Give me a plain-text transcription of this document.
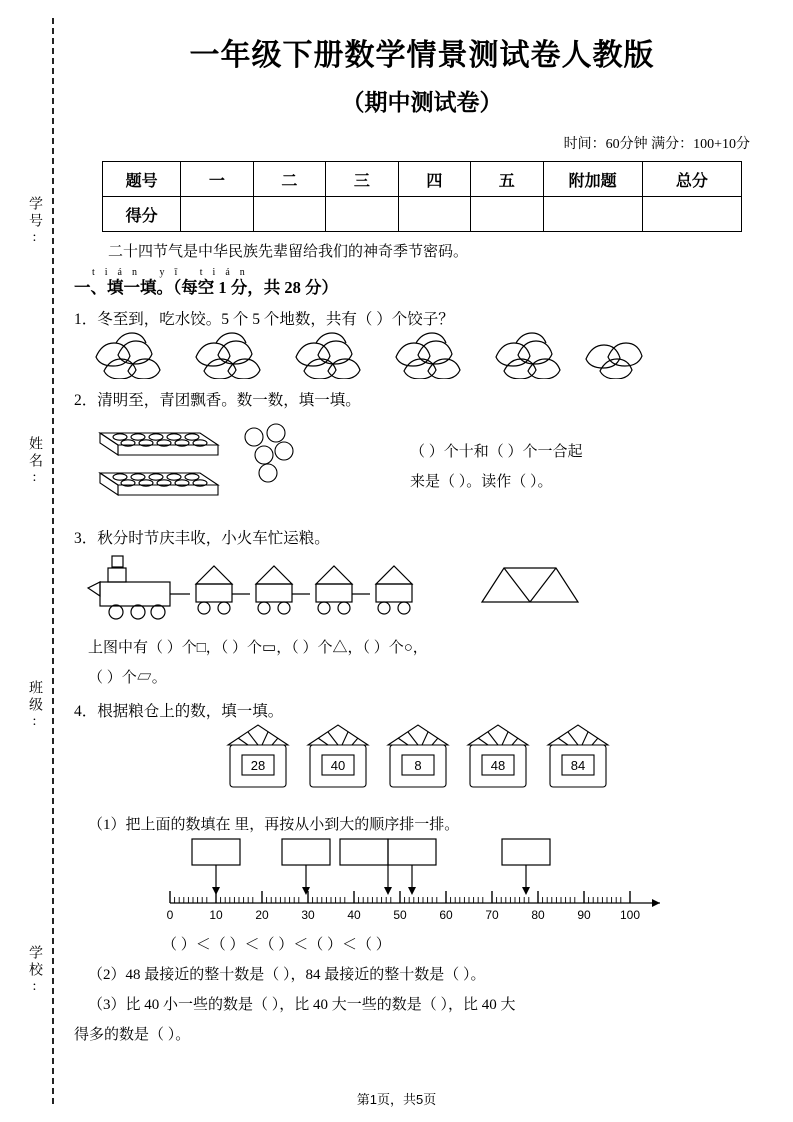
学号:
姓名:
班级:
学校:
一年级下册数学情景测试卷人教版
（期中测试卷）
时间：60分钟 满分：100+10分
题号	一	二	三	四	五	附加题	总分
得分							
二十四节气是中华民族先辈留给我们的神奇季节密码。
tián yī tián
一、填一填。（每空 1 分，共 28 分）
1．冬至到，吃水饺。5 个 5 个地数，共有（ ）个饺子？
2．清明至，青团飘香。数一数，填一填。
（ ）个十和（ ）个一合起
来是（ ）。读作（ ）。
3．秋分时节庆丰收，小火车忙运粮。
上图中有（ ）个□，（ ）个▭，（ ）个△，（ ）个○，
（ ）个▱。
4．根据粮仓上的数，填一填。
28	40	8	48	84
（1）把上面的数填在 里，再按从小到大的顺序排一排。
0	10	20	30	40	50	60	70	80	90 100
（ ）＜（ ）＜（ ）＜（ ）＜（ ）
（2）48 最接近的整十数是（ ），84 最接近的整十数是（ ）。
（3）比 40 小一些的数是（ ），比 40 大一些的数是（ ），比 40 大
得多的数是（ ）。
第1页，共5页
